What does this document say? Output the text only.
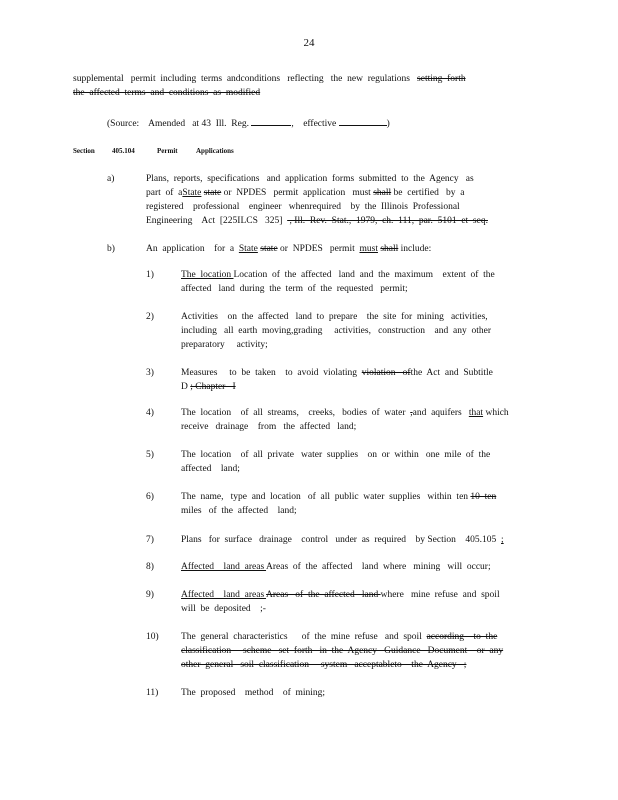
24
supplemental   permit  including  terms  andconditions   reflecting   the  new  regulations   setting  forth
the  affected  terms  and  conditions  as  modified
(Source:    Amended   at 43  Ill.  Reg.	,    effective	)
Section 405.104	Permit	Applications
a)	Plans,  reports,  specifications   and  application  forms  submitted  to  the  Agency   as
part  of  aState state or  NPDES   permit  application   must shall be  certified   by  a
registered    professional    engineer   whenrequired    by  the  Illinois  Professional
Engineering    Act  [225ILCS   325]   , Ill.  Rev.  Stat.,  1979,  ch.  111,  par.  5101  et  seq.
b)	An  application    for  a  State state or  NPDES   permit  must shall include:
1)	The  location Location  of  the  affected   land  and  the  maximum    extent  of  the
affected   land  during  the  term  of  the  requested   permit;
2)	Activities    on  the  affected   land  to  prepare    the  site  for  mining   activities,
including   all  earth  moving,grading     activities,   construction    and  any  other
preparatory     activity;
3)	Measures     to  be  taken    to  avoid  violating  violation   ofthe  Act  and  Subtitle
D ; Chapter   I
4)	The  location    of  all  streams,    creeks,   bodies  of  water  ,and  aquifers   that which
receive   drainage    from   the  affected   land;
5)	The  location    of  all  private   water  supplies    on  or  within   one  mile  of  the
affected    land;
6)	The  name,   type  and  location   of  all  public  water  supplies   within  ten 10  ten
miles   of  the  affected    land;
7)	Plans   for  surface   drainage    control   under  as  required    by Section    405.105  ;
8)	Affected    land  areas Areas  of  the  affected    land  where   mining   will  occur;
9)	Affected    land  areas Areas   of  the  affected   land where   mine  refuse  and  spoil
will  be  deposited    ;-
10) The  general  characteristics      of  the  mine  refuse   and  spoil  according    to  the
classification     scheme   set  forth   in  the  Agency   Guidance   Document    or  any
other  general   soil  classification     system   acceptableto    the  Agency   ;
11) The  proposed    method    of  mining;
